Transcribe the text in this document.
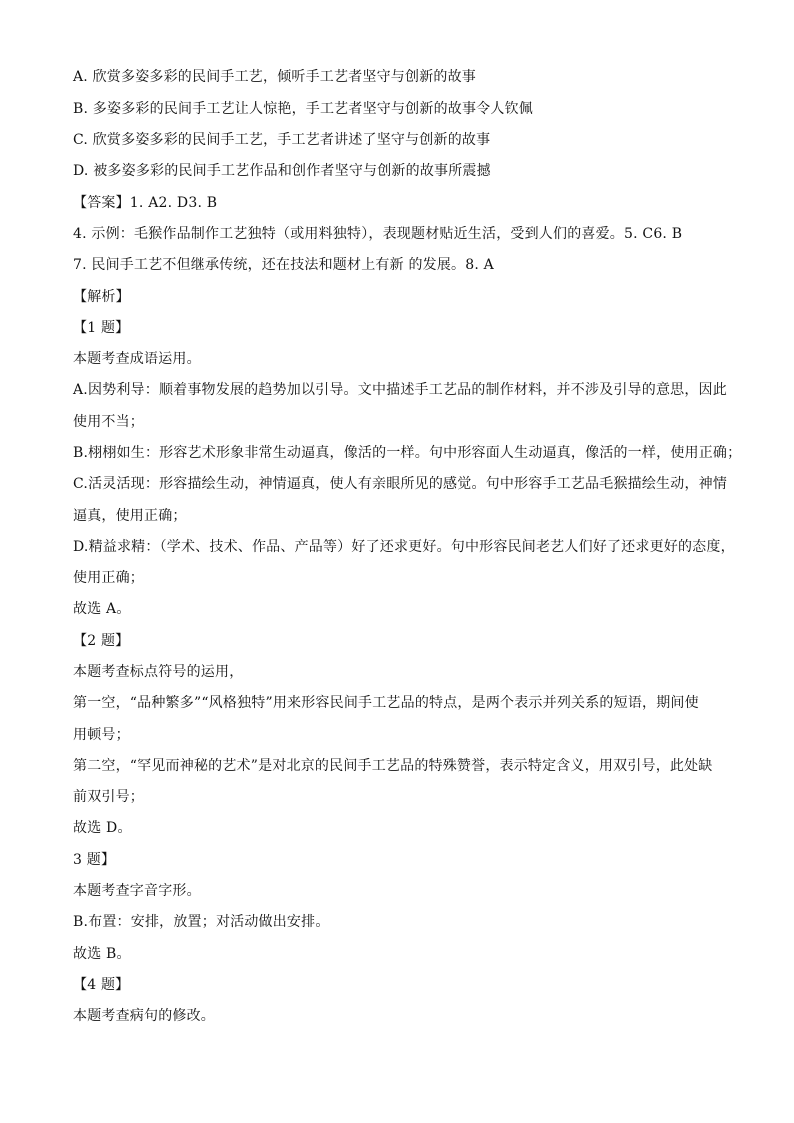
A. 欣赏多姿多彩的民间手工艺，倾听手工艺者坚守与创新的故事
B. 多姿多彩的民间手工艺让人惊艳，手工艺者坚守与创新的故事令人钦佩
C. 欣赏多姿多彩的民间手工艺，手工艺者讲述了坚守与创新的故事
D. 被多姿多彩的民间手工艺作品和创作者坚守与创新的故事所震撼
【答案】1. A2. D3. B
4. 示例：毛猴作品制作工艺独特（或用料独特），表现题材贴近生活，受到人们的喜爱。5. C6. B
7. 民间手工艺不但继承传统，还在技法和题材上有新 的发展。8. A
【解析】
【1 题】
本题考查成语运用。
A.因势利导：顺着事物发展的趋势加以引导。文中描述手工艺品的制作材料，并不涉及引导的意思，因此
使用不当；
B.栩栩如生：形容艺术形象非常生动逼真，像活的一样。句中形容面人生动逼真，像活的一样，使用正确；
C.活灵活现：形容描绘生动，神情逼真，使人有亲眼所见的感觉。句中形容手工艺品毛猴描绘生动，神情
逼真，使用正确；
D.精益求精：（学术、技术、作品、产品等）好了还求更好。句中形容民间老艺人们好了还求更好的态度，
使用正确；
故选 A。
【2 题】
本题考查标点符号的运用，
第一空，“品种繁多”“风格独特”用来形容民间手工艺品的特点，是两个表示并列关系的短语，期间使
用顿号；
第二空，“罕见而神秘的艺术”是对北京的民间手工艺品的特殊赞誉，表示特定含义，用双引号，此处缺
前双引号；
故选 D。
3 题】
本题考查字音字形。
B.布置：安排，放置；对活动做出安排。
故选 B。
【4 题】
本题考查病句的修改。
